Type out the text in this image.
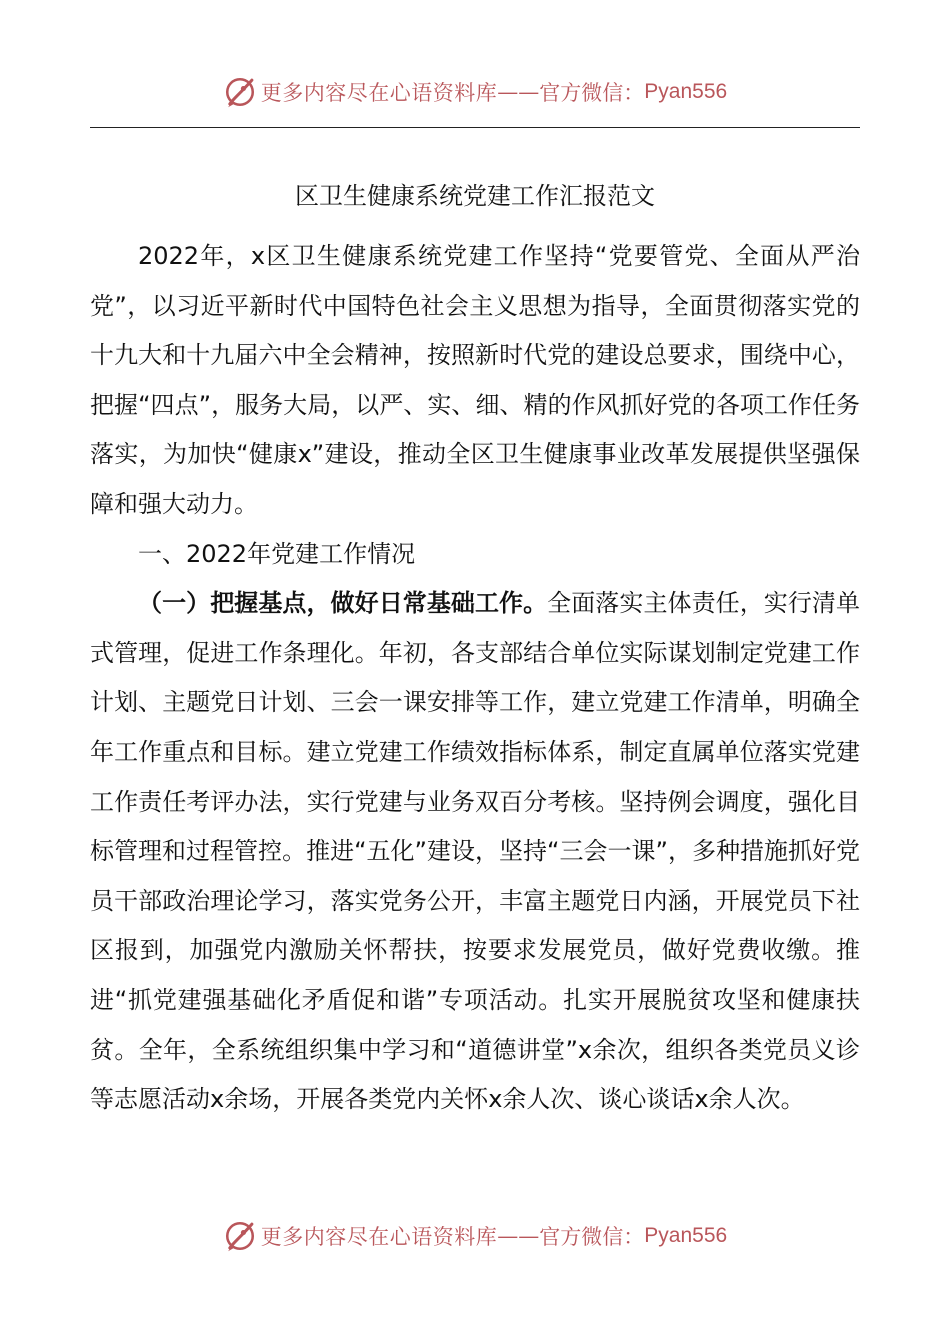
更多内容尽在心语资料库 —— 官方微信： Pyan556
区卫生健康系统党建工作汇报范文

2022年，x区卫生健康系统党建工作坚持“党要管党、全面从严治党”，以习近平新时代中国特色社会主义思想为指导，全面贯彻落实党的十九大和十九届六中全会精神，按照新时代党的建设总要求，围绕中心，把握“四点”，服务大局，以严、实、细、精的作风抓好党的各项工作任务落实，为加快“健康x”建设，推动全区卫生健康事业改革发展提供坚强保障和强大动力。

一、2022年党建工作情况

（一）把握基点，做好日常基础工作。全面落实主体责任，实行清单式管理，促进工作条理化。年初，各支部结合单位实际谋划制定党建工作计划、主题党日计划、三会一课安排等工作，建立党建工作清单，明确全年工作重点和目标。建立党建工作绩效指标体系，制定直属单位落实党建工作责任考评办法，实行党建与业务双百分考核。坚持例会调度，强化目标管理和过程管控。推进“五化”建设，坚持“三会一课”，多种措施抓好党员干部政治理论学习，落实党务公开，丰富主题党日内涵，开展党员下社区报到，加强党内激励关怀帮扶，按要求发展党员，做好党费收缴。推进“抓党建强基础化矛盾促和谐”专项活动。扎实开展脱贫攻坚和健康扶贫。全年，全系统组织集中学习和“道德讲堂”x余次，组织各类党员义诊等志愿活动x余场，开展各类党内关怀x余人次、谈心谈话x余人次。

更多内容尽在心语资料库 —— 官方微信： Pyan556
